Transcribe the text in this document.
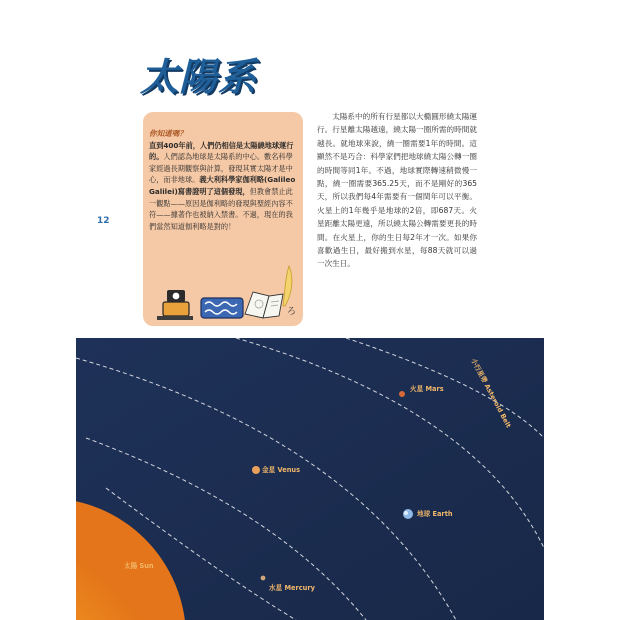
太陽系
12
你知道嗎？
直到400年前，人們仍相信是太陽繞地球運行的。人們認為地球是太陽系的中心。數名科學家經過長期觀察與計算，發現其實太陽才是中心，而非地球。義大利科學家伽利略(Galileo Galilei)寫書證明了這個發現，但教會禁止此一觀點——原因是伽利略的發現與聖經內容不符——據著作也被納入禁書。不過，現在的我們當然知道伽利略是對的！
ろ
太陽系中的所有行星都以大橢圓形繞太陽運行。行星離太陽越遠，繞太陽一圈所需的時間就越長。就地球來說，繞一圈需要1年的時間。這顯然不是巧合：科學家們把地球繞太陽公轉一圈的時間等同1年。不過，地球實際轉速稍微慢一點，繞一圈需要365.25天，而不是剛好的365天，所以我們每4年需要有一個閏年可以平衡。火星上的1年幾乎是地球的2倍，即687天。火星距離太陽更遠，所以繞太陽公轉需要更長的時間。在火星上，你的生日每2年才一次。如果你喜歡過生日，最好搬到水星，每88天就可以過一次生日。
火星 Mars
金星 Venus
地球 Earth
水星 Mercury
太陽 Sun
小行星帶 Asteroid Belt
